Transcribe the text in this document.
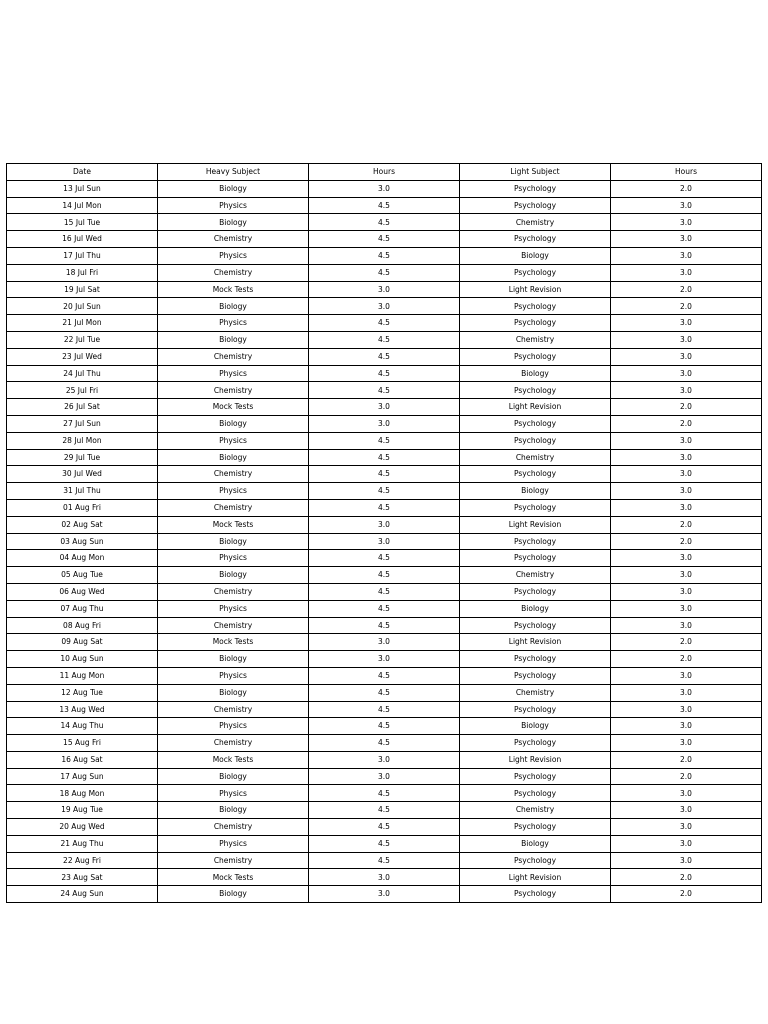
Date	Heavy Subject	Hours	Light Subject	Hours
13 Jul Sun	Biology	3.0	Psychology	2.0
14 Jul Mon	Physics	4.5	Psychology	3.0
15 Jul Tue	Biology	4.5	Chemistry	3.0
16 Jul Wed	Chemistry	4.5	Psychology	3.0
17 Jul Thu	Physics	4.5	Biology	3.0
18 Jul Fri	Chemistry	4.5	Psychology	3.0
19 Jul Sat	Mock Tests	3.0	Light Revision	2.0
20 Jul Sun	Biology	3.0	Psychology	2.0
21 Jul Mon	Physics	4.5	Psychology	3.0
22 Jul Tue	Biology	4.5	Chemistry	3.0
23 Jul Wed	Chemistry	4.5	Psychology	3.0
24 Jul Thu	Physics	4.5	Biology	3.0
25 Jul Fri	Chemistry	4.5	Psychology	3.0
26 Jul Sat	Mock Tests	3.0	Light Revision	2.0
27 Jul Sun	Biology	3.0	Psychology	2.0
28 Jul Mon	Physics	4.5	Psychology	3.0
29 Jul Tue	Biology	4.5	Chemistry	3.0
30 Jul Wed	Chemistry	4.5	Psychology	3.0
31 Jul Thu	Physics	4.5	Biology	3.0
01 Aug Fri	Chemistry	4.5	Psychology	3.0
02 Aug Sat	Mock Tests	3.0	Light Revision	2.0
03 Aug Sun	Biology	3.0	Psychology	2.0
04 Aug Mon	Physics	4.5	Psychology	3.0
05 Aug Tue	Biology	4.5	Chemistry	3.0
06 Aug Wed	Chemistry	4.5	Psychology	3.0
07 Aug Thu	Physics	4.5	Biology	3.0
08 Aug Fri	Chemistry	4.5	Psychology	3.0
09 Aug Sat	Mock Tests	3.0	Light Revision	2.0
10 Aug Sun	Biology	3.0	Psychology	2.0
11 Aug Mon	Physics	4.5	Psychology	3.0
12 Aug Tue	Biology	4.5	Chemistry	3.0
13 Aug Wed	Chemistry	4.5	Psychology	3.0
14 Aug Thu	Physics	4.5	Biology	3.0
15 Aug Fri	Chemistry	4.5	Psychology	3.0
16 Aug Sat	Mock Tests	3.0	Light Revision	2.0
17 Aug Sun	Biology	3.0	Psychology	2.0
18 Aug Mon	Physics	4.5	Psychology	3.0
19 Aug Tue	Biology	4.5	Chemistry	3.0
20 Aug Wed	Chemistry	4.5	Psychology	3.0
21 Aug Thu	Physics	4.5	Biology	3.0
22 Aug Fri	Chemistry	4.5	Psychology	3.0
23 Aug Sat	Mock Tests	3.0	Light Revision	2.0
24 Aug Sun	Biology	3.0	Psychology	2.0
